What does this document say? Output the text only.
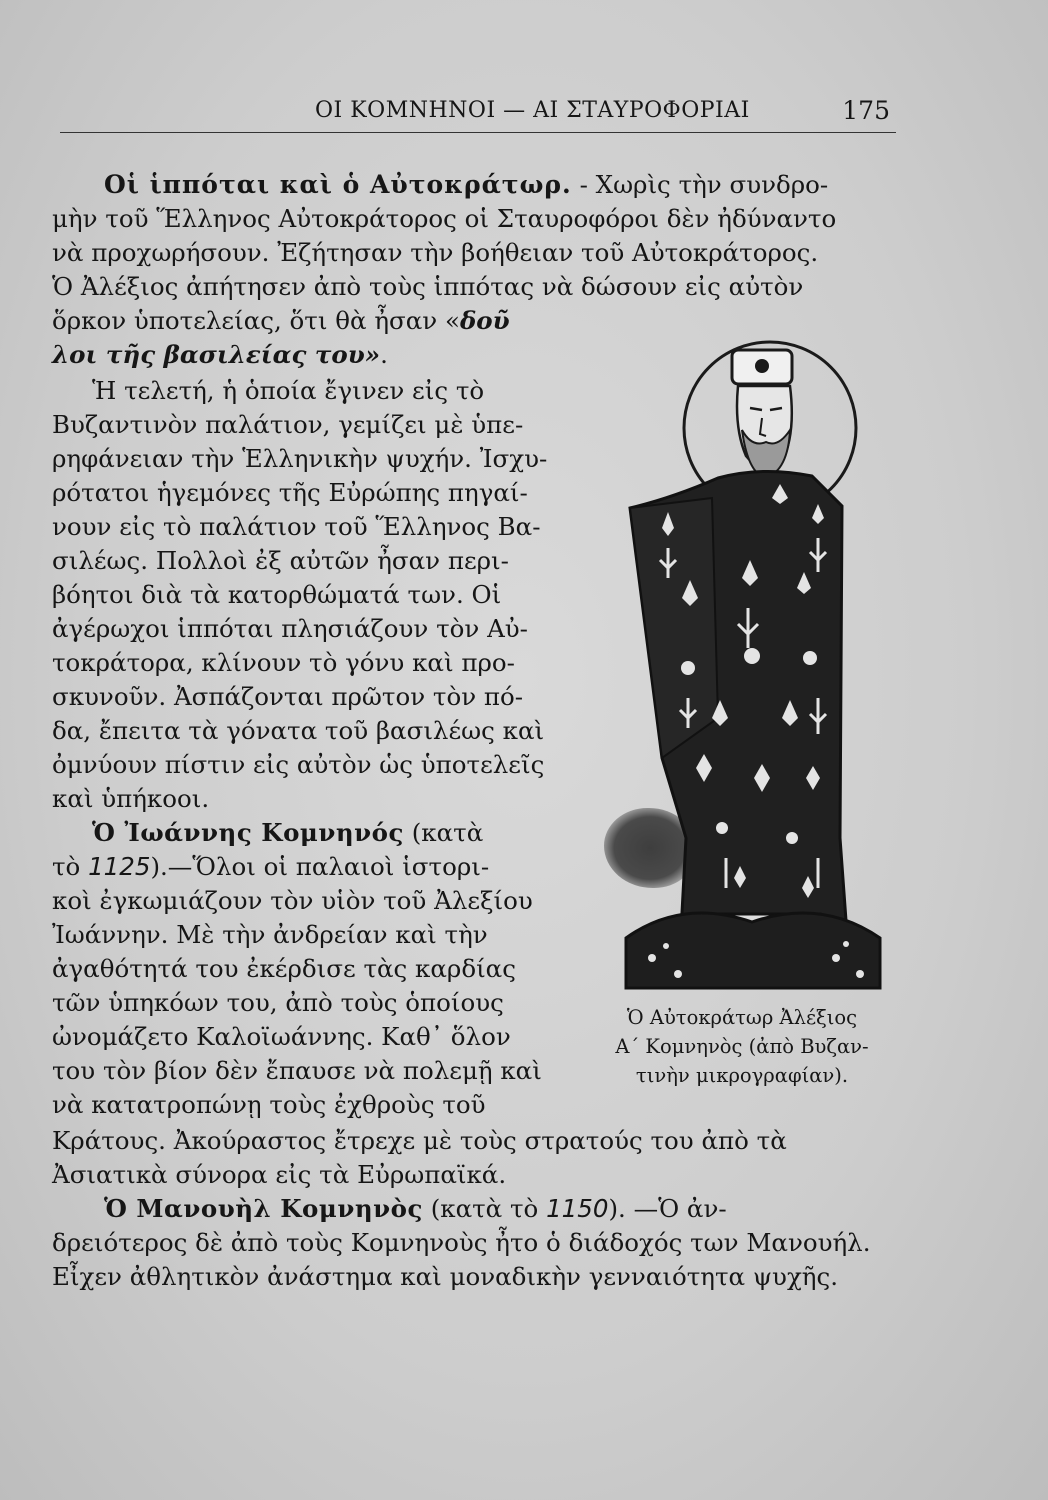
ΟΙ ΚΟΜΝΗΝΟΙ — ΑΙ ΣΤΑΥΡΟΦΟΡΙΑΙ	175
Οἱ ἱππόται καὶ ὁ Αὐτοκράτωρ. - Χωρὶς τὴν συνδρο-
μὴν τοῦ Ἕλληνος Αὐτοκράτορος οἱ Σταυροφόροι δὲν ἠδύναντο
νὰ προχωρήσουν. Ἐζήτησαν τὴν βοήθειαν τοῦ Αὐτοκράτορος.
Ὁ Ἀλέξιος ἀπήτησεν ἀπὸ τοὺς ἱππότας νὰ δώσουν εἰς αὐτὸν
ὅρκον ὑποτελείας, ὅτι θὰ ἦσαν «δοῦ
λοι τῆς βασιλείας του».
Ἡ τελετή, ἡ ὁποία ἔγινεν εἰς τὸ
Βυζαντινὸν παλάτιον, γεμίζει μὲ ὑπε-
ρηφάνειαν τὴν Ἑλληνικὴν ψυχήν. Ἰσχυ-
ρότατοι ἡγεμόνες τῆς Εὐρώπης πηγαί-
νουν εἰς τὸ παλάτιον τοῦ Ἕλληνος Βα-
σιλέως. Πολλοὶ ἐξ αὐτῶν ἦσαν περι-
βόητοι διὰ τὰ κατορθώματά των. Οἱ
ἀγέρωχοι ἱππόται πλησιάζουν τὸν Αὐ-
τοκράτορα, κλίνουν τὸ γόνυ καὶ προ-
σκυνοῦν. Ἀσπάζονται πρῶτον τὸν πό-
δα, ἔπειτα τὰ γόνατα τοῦ βασιλέως καὶ
ὀμνύουν πίστιν εἰς αὐτὸν ὡς ὑποτελεῖς
καὶ ὑπήκοοι.
Ὁ Ἰωάννης Κομνηνός (κατὰ
τὸ 1125).—Ὅλοι οἱ παλαιοὶ ἱστορι-
κοὶ ἐγκωμιάζουν τὸν υἱὸν τοῦ Ἀλεξίου
Ἰωάννην. Μὲ τὴν ἀνδρείαν καὶ τὴν
ἀγαθότητά του ἐκέρδισε τὰς καρδίας
τῶν ὑπηκόων του, ἀπὸ τοὺς ὁποίους
ὠνομάζετο Καλοϊωάννης. Καθ᾽ ὅλον
του τὸν βίον δὲν ἔπαυσε νὰ πολεμῇ καὶ
νὰ κατατροπώνῃ τοὺς ἐχθροὺς τοῦ
Κράτους. Ἀκούραστος ἔτρεχε μὲ τοὺς στρατούς του ἀπὸ τὰ
Ἀσιατικὰ σύνορα εἰς τὰ Εὐρωπαϊκά.
Ὁ Μανουὴλ Κομνηνὸς (κατὰ τὸ 1150). —Ὁ ἀν-
δρειότερος δὲ ἀπὸ τοὺς Κομνηνοὺς ἦτο ὁ διάδοχός των Μανουήλ.
Εἶχεν ἀθλητικὸν ἀνάστημα καὶ μοναδικὴν γενναιότητα ψυχῆς.
Ὁ Αὐτοκράτωρ Ἀλέξιος
Α΄ Κομνηνὸς (ἀπὸ Βυζαν-
τινὴν μικρογραφίαν).
